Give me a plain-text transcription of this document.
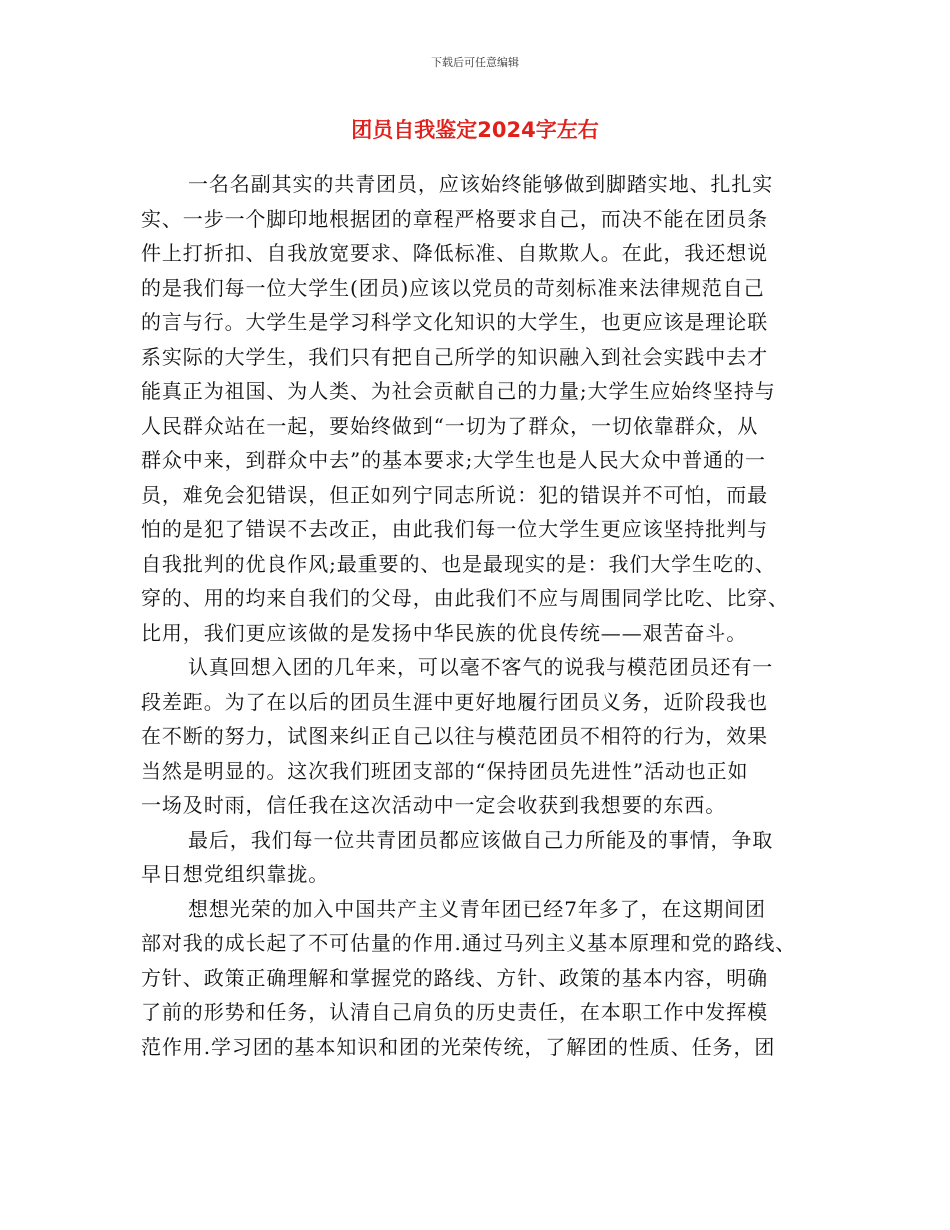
下载后可任意编辑
团员自我鉴定2024字左右
一名名副其实的共青团员，应该始终能够做到脚踏实地、扎扎实
实、一步一个脚印地根据团的章程严格要求自己，而决不能在团员条
件上打折扣、自我放宽要求、降低标准、自欺欺人。在此，我还想说
的是我们每一位大学生(团员)应该以党员的苛刻标准来法律规范自己
的言与行。大学生是学习科学文化知识的大学生，也更应该是理论联
系实际的大学生，我们只有把自己所学的知识融入到社会实践中去才
能真正为祖国、为人类、为社会贡献自己的力量;大学生应始终坚持与
人民群众站在一起，要始终做到“一切为了群众，一切依靠群众，从
群众中来，到群众中去”的基本要求;大学生也是人民大众中普通的一
员，难免会犯错误，但正如列宁同志所说：犯的错误并不可怕，而最
怕的是犯了错误不去改正，由此我们每一位大学生更应该坚持批判与
自我批判的优良作风;最重要的、也是最现实的是：我们大学生吃的、
穿的、用的均来自我们的父母，由此我们不应与周围同学比吃、比穿、
比用，我们更应该做的是发扬中华民族的优良传统——艰苦奋斗。
认真回想入团的几年来，可以毫不客气的说我与模范团员还有一
段差距。为了在以后的团员生涯中更好地履行团员义务，近阶段我也
在不断的努力，试图来纠正自己以往与模范团员不相符的行为，效果
当然是明显的。这次我们班团支部的“保持团员先进性”活动也正如
一场及时雨，信任我在这次活动中一定会收获到我想要的东西。
最后，我们每一位共青团员都应该做自己力所能及的事情，争取
早日想党组织靠拢。
想想光荣的加入中国共产主义青年团已经7年多了，在这期间团
部对我的成长起了不可估量的作用.通过马列主义基本原理和党的路线、
方针、政策正确理解和掌握党的路线、方针、政策的基本内容，明确
了前的形势和任务，认清自己肩负的历史责任，在本职工作中发挥模
范作用.学习团的基本知识和团的光荣传统，了解团的性质、任务，团
